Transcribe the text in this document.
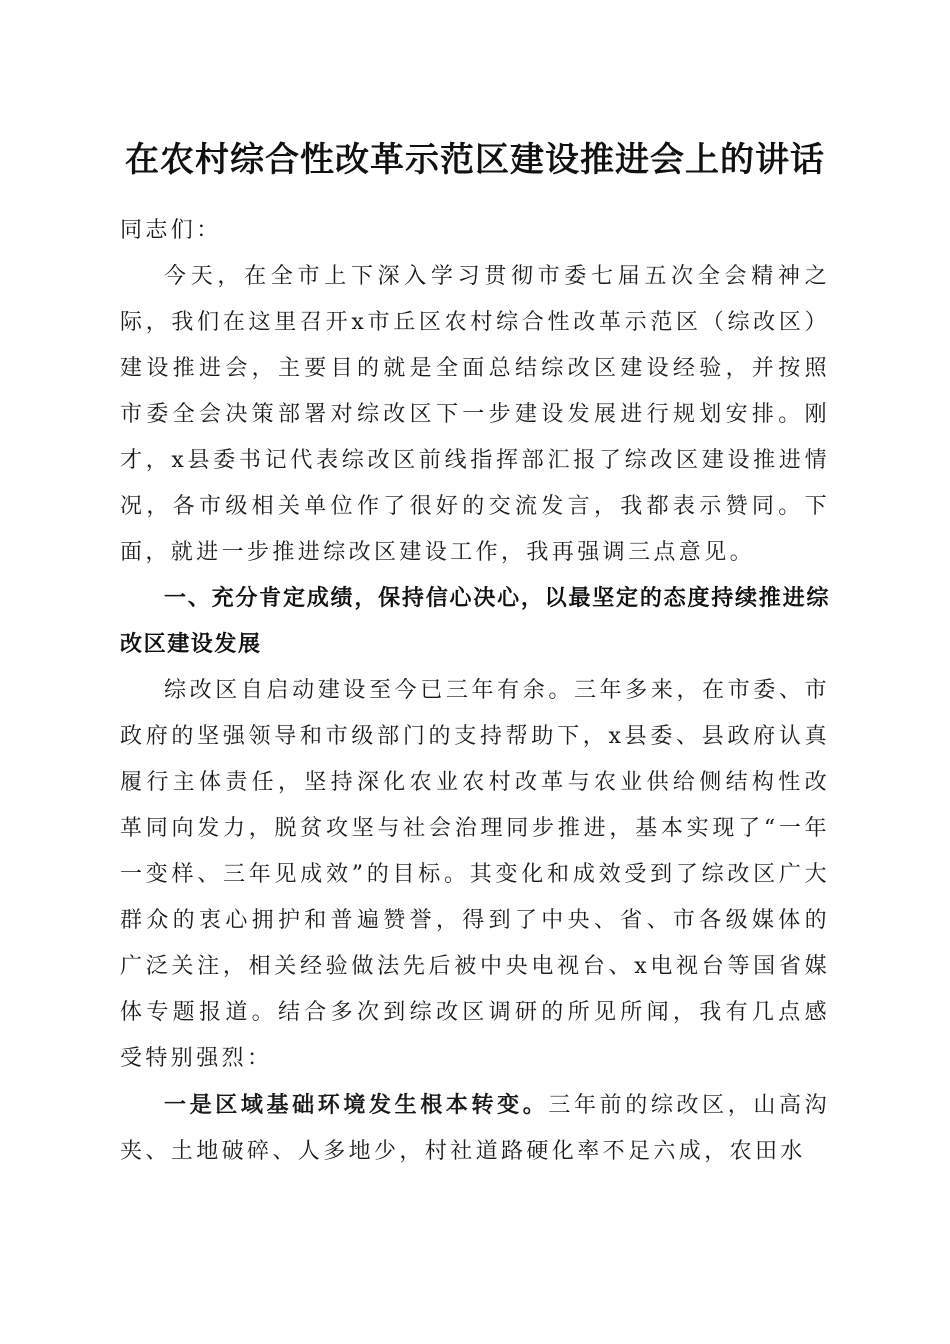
在农村综合性改革示范区建设推进会上的讲话

同志们：

今天，在全市上下深入学习贯彻市委七届五次全会精神之际，我们在这里召开x市丘区农村综合性改革示范区（综改区）建设推进会，主要目的就是全面总结综改区建设经验，并按照市委全会决策部署对综改区下一步建设发展进行规划安排。刚才，x县委书记代表综改区前线指挥部汇报了综改区建设推进情况，各市级相关单位作了很好的交流发言，我都表示赞同。下面，就进一步推进综改区建设工作，我再强调三点意见。

一、充分肯定成绩，保持信心决心，以最坚定的态度持续推进综改区建设发展

综改区自启动建设至今已三年有余。三年多来，在市委、市政府的坚强领导和市级部门的支持帮助下，x县委、县政府认真履行主体责任，坚持深化农业农村改革与农业供给侧结构性改革同向发力，脱贫攻坚与社会治理同步推进，基本实现了“一年一变样、三年见成效”的目标。其变化和成效受到了综改区广大群众的衷心拥护和普遍赞誉，得到了中央、省、市各级媒体的广泛关注，相关经验做法先后被中央电视台、x电视台等国省媒体专题报道。结合多次到综改区调研的所见所闻，我有几点感受特别强烈：

一是区域基础环境发生根本转变。三年前的综改区，山高沟夹、土地破碎、人多地少，村社道路硬化率不足六成，农田水
